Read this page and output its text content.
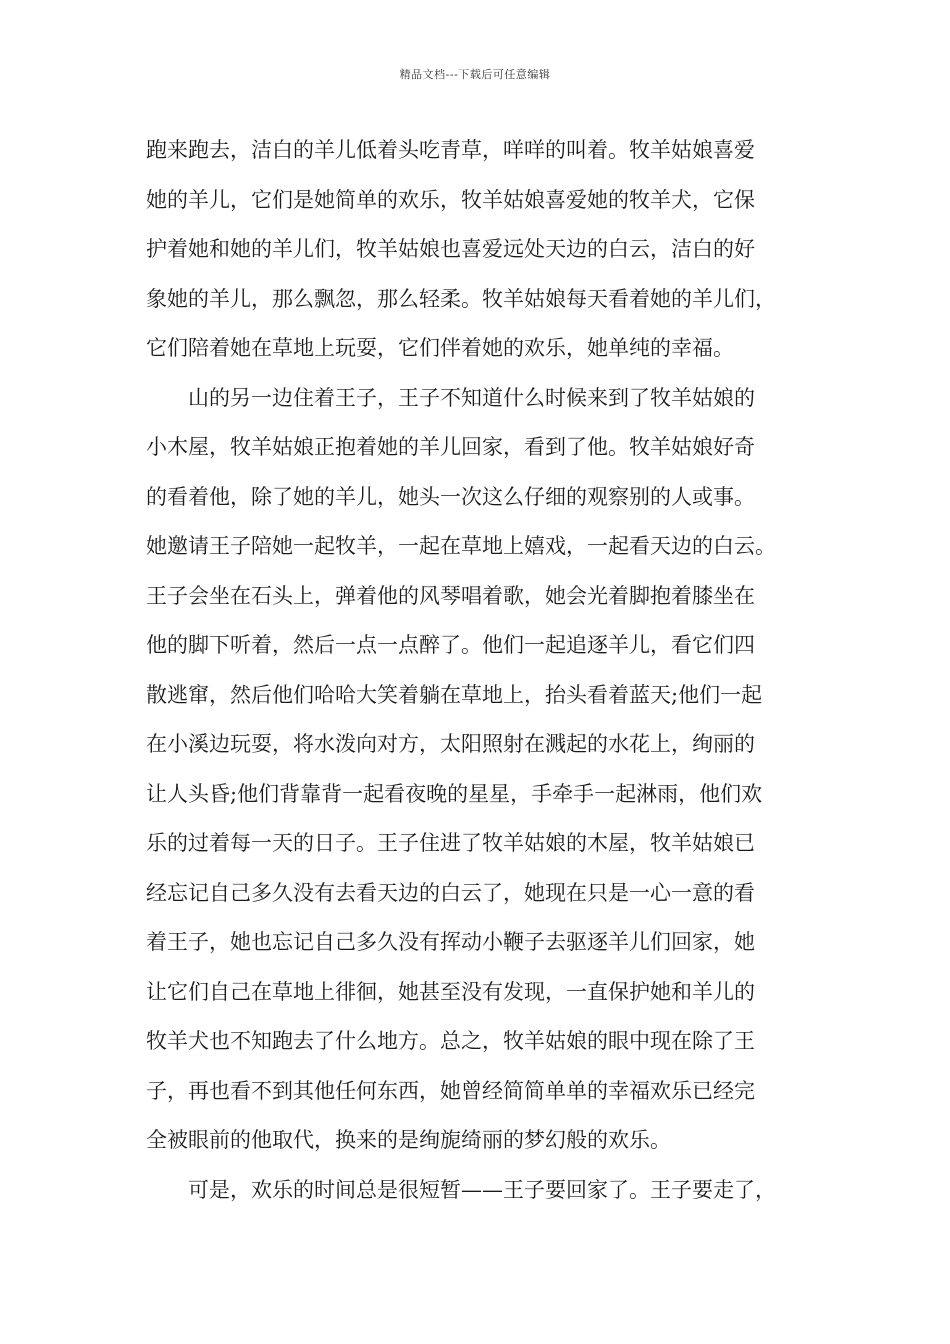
精品文档---下载后可任意编辑
跑来跑去，洁白的羊儿低着头吃青草，咩咩的叫着。牧羊姑娘喜爱
她的羊儿，它们是她简单的欢乐，牧羊姑娘喜爱她的牧羊犬，它保
护着她和她的羊儿们，牧羊姑娘也喜爱远处天边的白云，洁白的好
象她的羊儿，那么飘忽，那么轻柔。牧羊姑娘每天看着她的羊儿们，
它们陪着她在草地上玩耍，它们伴着她的欢乐，她单纯的幸福。
　　山的另一边住着王子，王子不知道什么时候来到了牧羊姑娘的
小木屋，牧羊姑娘正抱着她的羊儿回家，看到了他。牧羊姑娘好奇
的看着他，除了她的羊儿，她头一次这么仔细的观察别的人或事。
她邀请王子陪她一起牧羊，一起在草地上嬉戏，一起看天边的白云。
王子会坐在石头上，弹着他的风琴唱着歌，她会光着脚抱着膝坐在
他的脚下听着，然后一点一点醉了。他们一起追逐羊儿，看它们四
散逃窜，然后他们哈哈大笑着躺在草地上，抬头看着蓝天;他们一起
在小溪边玩耍，将水泼向对方，太阳照射在溅起的水花上，绚丽的
让人头昏;他们背靠背一起看夜晚的星星，手牵手一起淋雨，他们欢
乐的过着每一天的日子。王子住进了牧羊姑娘的木屋，牧羊姑娘已
经忘记自己多久没有去看天边的白云了，她现在只是一心一意的看
着王子，她也忘记自己多久没有挥动小鞭子去驱逐羊儿们回家，她
让它们自己在草地上徘徊，她甚至没有发现，一直保护她和羊儿的
牧羊犬也不知跑去了什么地方。总之，牧羊姑娘的眼中现在除了王
子，再也看不到其他任何东西，她曾经简简单单的幸福欢乐已经完
全被眼前的他取代，换来的是绚旎绮丽的梦幻般的欢乐。
　　可是，欢乐的时间总是很短暂——王子要回家了。王子要走了，
